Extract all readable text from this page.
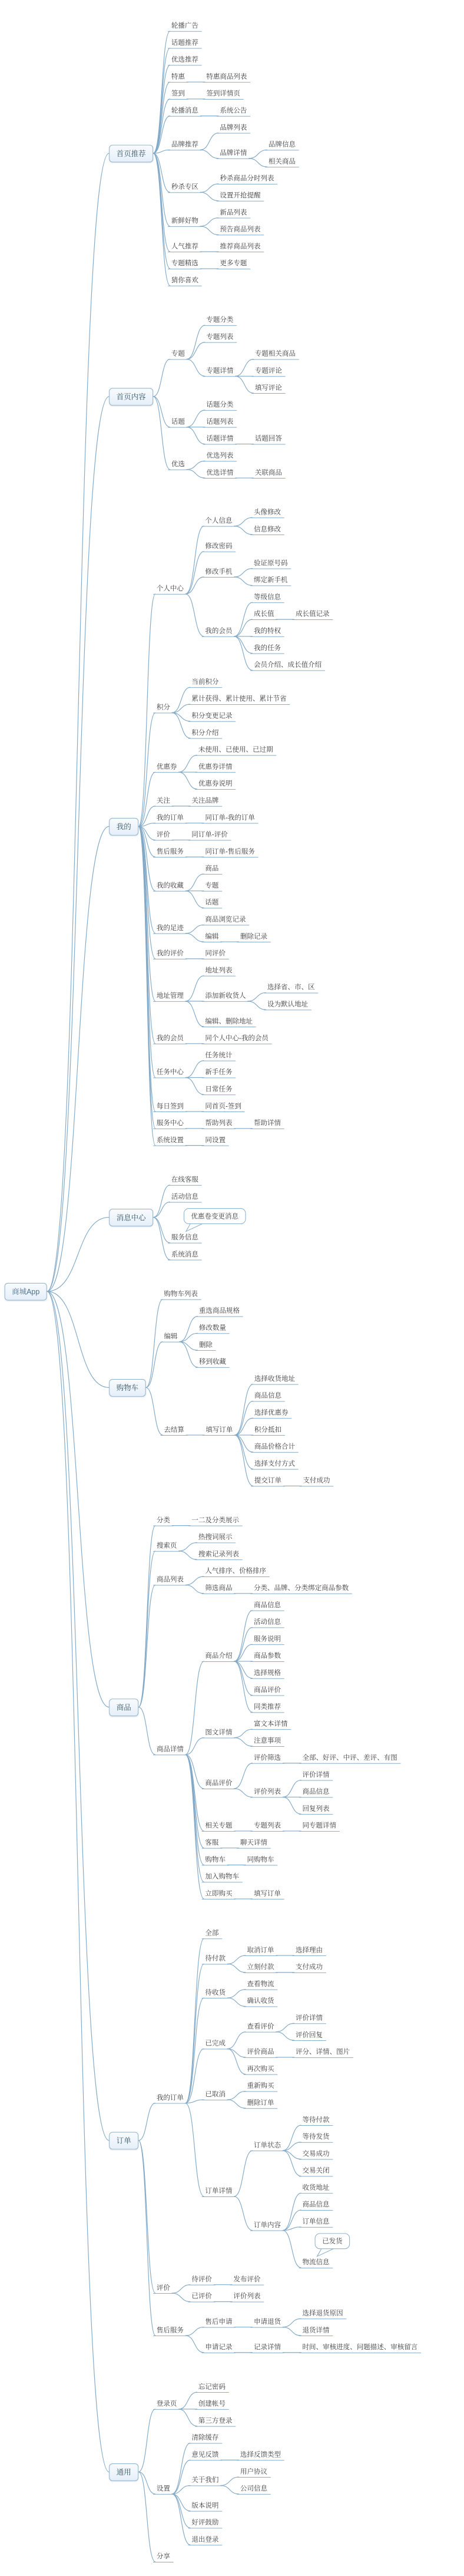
商城App
首页推荐
轮播广告
话题推荐
优选推荐
特惠	特惠商品列表
签到	签到详情页
轮播消息	系统公告
品牌推荐
品牌列表
品牌详情
品牌信息
相关商品
秒杀专区
秒杀商品分时列表
设置开抢提醒
新鲜好物
新品列表
预告商品列表
人气推荐	推荐商品列表
专题精选	更多专题
猜你喜欢
首页内容
专题
专题分类
专题列表
专题详情
专题相关商品
专题评论
填写评论
话题
话题分类
话题列表
话题详情	话题回答
优选
优选列表
优选详情	关联商品
我的
个人中心
个人信息
头像修改
信息修改
修改密码
修改手机
验证原号码
绑定新手机
我的会员
等级信息
成长值	成长值记录
我的特权
我的任务
会员介绍、成长值介绍
积分
当前积分
累计获得、累计使用、累计节省
积分变更记录
积分介绍
优惠券
未使用、已使用、已过期
优惠券详情
优惠券说明
关注	关注品牌
我的订单	同订单-我的订单
评价	同订单-评价
售后服务	同订单-售后服务
我的收藏
商品
专题
话题
我的足迹
商品浏览记录
编辑	删除记录
我的评价	同评价
地址管理
地址列表
添加新收货人
选择省、市、区
设为默认地址
编辑、删除地址
我的会员	同个人中心-我的会员
任务中心
任务统计
新手任务
日常任务
每日签到	同首页-签到
服务中心	帮助列表	帮助详情
系统设置	同设置
消息中心
在线客服
活动信息
服务信息
优惠卷变更消息
系统消息
购物车
购物车列表
编辑
重选商品规格
修改数量
删除
移到收藏
去结算	填写订单
选择收货地址
商品信息
选择优惠券
积分抵扣
商品价格合计
选择支付方式
提交订单	支付成功
商品
分类	一二及分类展示
搜索页
热搜词展示
搜索记录列表
商品列表
人气排序、价格排序
筛选商品	分类、品牌、分类绑定商品参数
商品详情
商品介绍
商品信息
活动信息
服务说明
商品参数
选择规格
商品评价
同类推荐
图文详情
富文本详情
注意事项
商品评价
评价筛选	全部、好评、中评、差评、有图
评价列表
评价详情
商品信息
回复列表
相关专题	专题列表	同专题详情
客服	聊天详情
购物车	同购物车
加入购物车
立即购买	填写订单
订单
我的订单
全部
待付款
取消订单	选择理由
立刻付款	支付成功
待收货
查看物流
确认收货
已完成
查看评价
评价详情
评价回复
评价商品	评分、详情、图片
再次购买
已取消
重新购买
删除订单
订单详情
订单状态
等待付款
等待发货
交易成功
交易关闭
订单内容
收货地址
商品信息
订单信息
物流信息
已发货
评价
待评价	发布评价
已评价	评价列表
售后服务
售后申请	申请退货
选择退货原因
退货详情
申请记录	记录详情	时间、审核进度、问题描述、审核留言
通用
登录页
忘记密码
创建帐号
第三方登录
设置
清除缓存
意见反馈	选择反馈类型
关于我们
用户协议
公司信息
版本说明
好评鼓励
退出登录
分享
